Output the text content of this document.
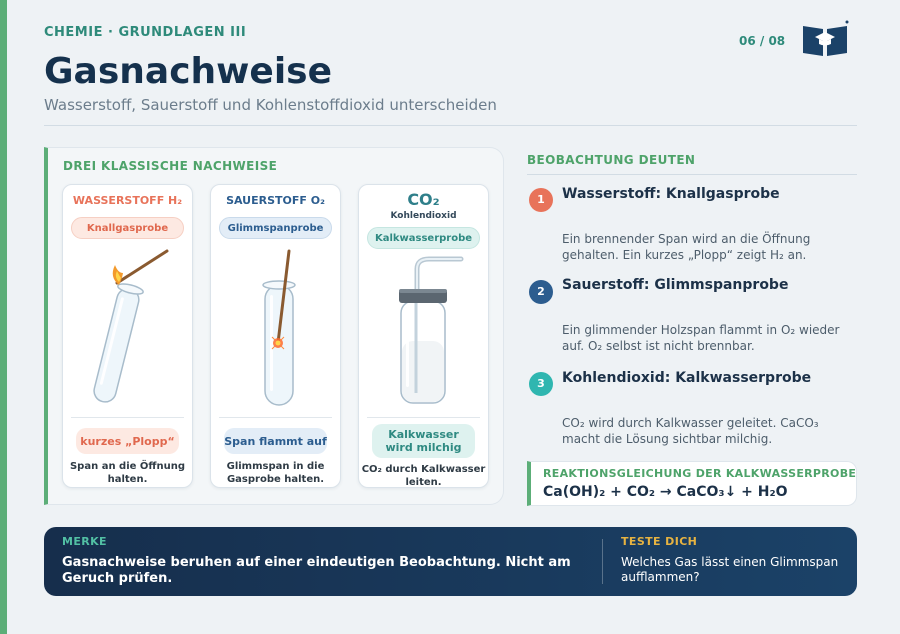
CHEMIE · GRUNDLAGEN III
06 / 08
Gasnachweise
Wasserstoff, Sauerstoff und Kohlenstoffdioxid unterscheiden
DREI KLASSISCHE NACHWEISE
WASSERSTOFF H₂
Knallgasprobe
kurzes „Plopp“
Span an die Öffnung halten.
SAUERSTOFF O₂
Glimmspanprobe
Span flammt auf
Glimmspan in die Gasprobe halten.
CO₂
Kohlendioxid
Kalkwasserprobe
Kalkwasser wird milchig
CO₂ durch Kalkwasser leiten.
BEOBACHTUNG DEUTEN
1	Wasserstoff: Knallgasprobe
Ein brennender Span wird an die Öffnung gehalten. Ein kurzes „Plopp“ zeigt H₂ an.
2	Sauerstoff: Glimmspanprobe
Ein glimmender Holzspan flammt in O₂ wieder auf. O₂ selbst ist nicht brennbar.
3	Kohlendioxid: Kalkwasserprobe
CO₂ wird durch Kalkwasser geleitet. CaCO₃ macht die Lösung sichtbar milchig.
REAKTIONSGLEICHUNG DER KALKWASSERPROBE
Ca(OH)₂ + CO₂ → CaCO₃↓ + H₂O
MERKE
Gasnachweise beruhen auf einer eindeutigen Beobachtung. Nicht am Geruch prüfen.
TESTE DICH
Welches Gas lässt einen Glimmspan aufflammen?
